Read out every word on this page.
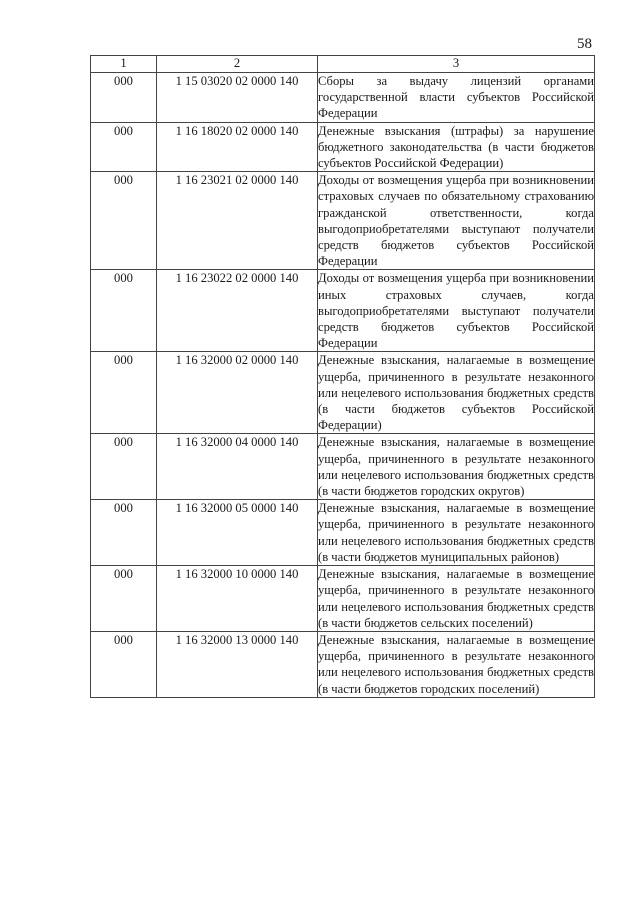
58
1	2	3
000	1 15 03020 02 0000 140	Сборы за выдачу лицензий органами государственной власти субъектов Российской Федерации
000	1 16 18020 02 0000 140	Денежные взыскания (штрафы) за нарушение бюджетного законодательства (в части бюджетов субъектов Российской Федерации)
000	1 16 23021 02 0000 140	Доходы от возмещения ущерба при возникновении страховых случаев по обязательному страхованию гражданской ответственности, когда выгодоприобретателями выступают получатели средств бюджетов субъектов Российской Федерации
000	1 16 23022 02 0000 140	Доходы от возмещения ущерба при возникновении иных страховых случаев, когда выгодоприобретателями выступают получатели средств бюджетов субъектов Российской Федерации
000	1 16 32000 02 0000 140	Денежные взыскания, налагаемые в возмещение ущерба, причиненного в результате незаконного или нецелевого использования бюджетных средств (в части бюджетов субъектов Российской Федерации)
000	1 16 32000 04 0000 140	Денежные взыскания, налагаемые в возмещение ущерба, причиненного в результате незаконного или нецелевого использования бюджетных средств (в части бюджетов городских округов)
000	1 16 32000 05 0000 140	Денежные взыскания, налагаемые в возмещение ущерба, причиненного в результате незаконного или нецелевого использования бюджетных средств (в части бюджетов муниципальных районов)
000	1 16 32000 10 0000 140	Денежные взыскания, налагаемые в возмещение ущерба, причиненного в результате незаконного или нецелевого использования бюджетных средств (в части бюджетов сельских поселений)
000	1 16 32000 13 0000 140	Денежные взыскания, налагаемые в возмещение ущерба, причиненного в результате незаконного или нецелевого использования бюджетных средств (в части бюджетов городских поселений)
